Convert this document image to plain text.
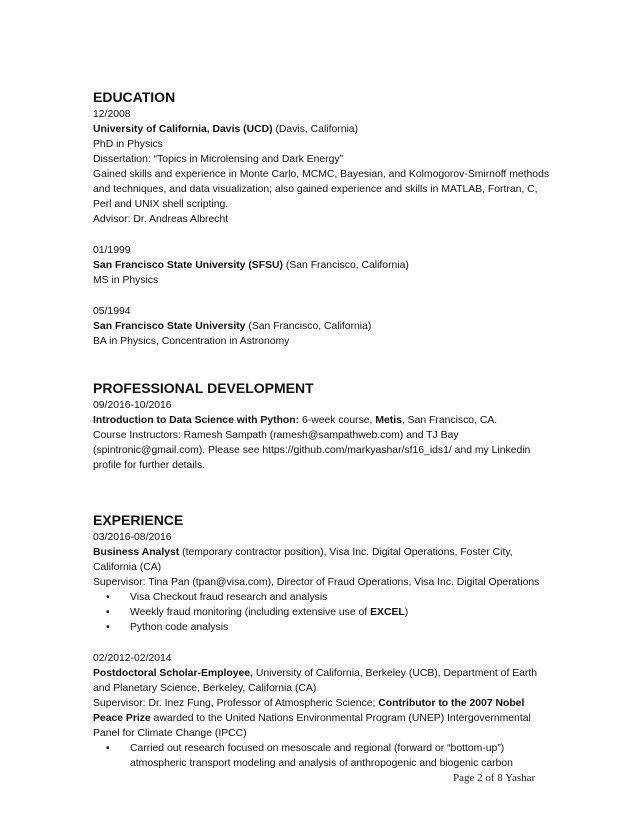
EDUCATION
12/2008
University of California, Davis (UCD) (Davis, California)
PhD in Physics
Dissertation: “Topics in Microlensing and Dark Energy”
Gained skills and experience in Monte Carlo, MCMC, Bayesian, and Kolmogorov-Smirnoff methods and techniques, and data visualization; also gained experience and skills in MATLAB, Fortran, C, Perl and UNIX shell scripting.
Advisor: Dr. Andreas Albrecht
01/1999
San Francisco State University (SFSU) (San Francisco, California)
MS in Physics
05/1994
San Francisco State University (San Francisco, California)
BA in Physics, Concentration in Astronomy
PROFESSIONAL DEVELOPMENT
09/2016-10/2016
Introduction to Data Science with Python: 6-week course, Metis, San Francisco, CA.
Course Instructors: Ramesh Sampath (ramesh@sampathweb.com) and TJ Bay (spintronic@gmail.com). Please see https://github.com/markyashar/sf16_ids1/ and my Linkedin profile for further details.
EXPERIENCE
03/2016-08/2016
Business Analyst (temporary contractor position), Visa Inc. Digital Operations, Foster City, California (CA)
Supervisor: Tina Pan (tpan@visa.com), Director of Fraud Operations, Visa Inc. Digital Operations
• Visa Checkout fraud research and analysis
• Weekly fraud monitoring (including extensive use of EXCEL)
• Python code analysis
02/2012-02/2014
Postdoctoral Scholar-Employee, University of California, Berkeley (UCB), Department of Earth and Planetary Science, Berkeley, California (CA)
Supervisor: Dr. Inez Fung, Professor of Atmospheric Science; Contributor to the 2007 Nobel Peace Prize awarded to the United Nations Environmental Program (UNEP) Intergovernmental Panel for Climate Change (IPCC)
• Carried out research focused on mesoscale and regional (forward or “bottom-up”) atmospheric transport modeling and analysis of anthropogenic and biogenic carbon
Page 2 of 8 Yashar
